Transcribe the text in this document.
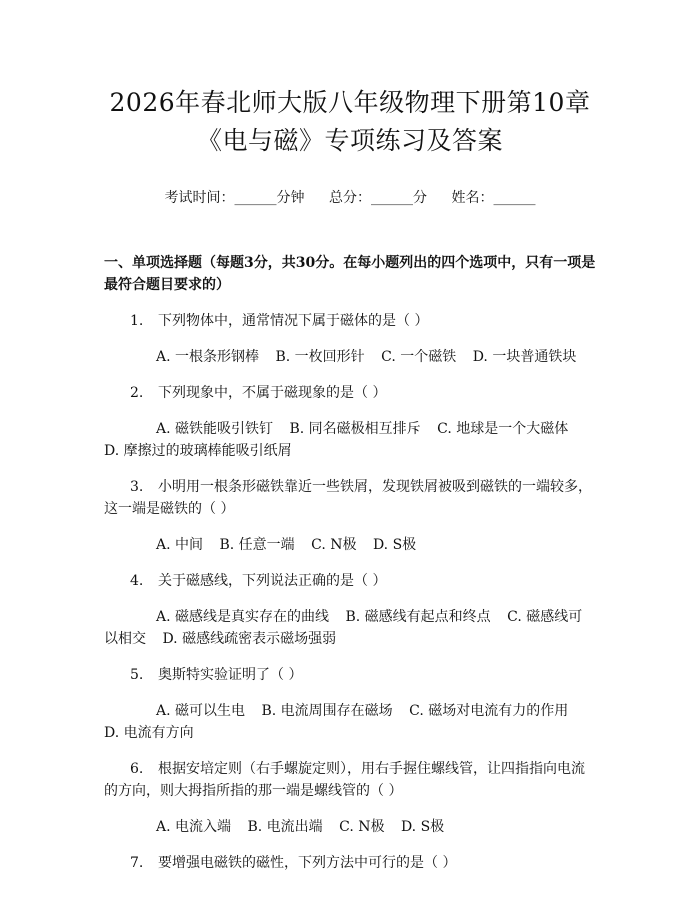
2026年春北师大版八年级物理下册第10章
《电与磁》专项练习及答案
考试时间：______分钟 总分：______分 姓名：______
一、单项选择题（每题3分，共30分。在每小题列出的四个选项中，只有一项是最符合题目要求的）
1. 下列物体中，通常情况下属于磁体的是（ ）
A. 一根条形钢棒 B. 一枚回形针 C. 一个磁铁 D. 一块普通铁块
2. 下列现象中，不属于磁现象的是（ ）
A. 磁铁能吸引铁钉 B. 同名磁极相互排斥 C. 地球是一个大磁体 D. 摩擦过的玻璃棒能吸引纸屑
3. 小明用一根条形磁铁靠近一些铁屑，发现铁屑被吸到磁铁的一端较多，这一端是磁铁的（ ）
A. 中间 B. 任意一端 C. N极 D. S极
4. 关于磁感线，下列说法正确的是（ ）
A. 磁感线是真实存在的曲线 B. 磁感线有起点和终点 C. 磁感线可以相交 D. 磁感线疏密表示磁场强弱
5. 奥斯特实验证明了（ ）
A. 磁可以生电 B. 电流周围存在磁场 C. 磁场对电流有力的作用 D. 电流有方向
6. 根据安培定则（右手螺旋定则），用右手握住螺线管，让四指指向电流的方向，则大拇指所指的那一端是螺线管的（ ）
A. 电流入端 B. 电流出端 C. N极 D. S极
7. 要增强电磁铁的磁性，下列方法中可行的是（ ）
